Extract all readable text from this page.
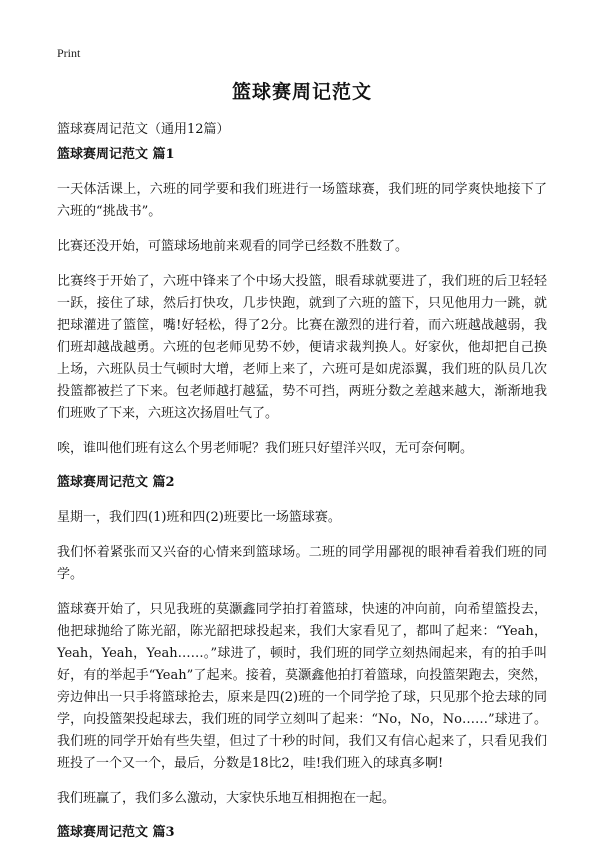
Print
篮球赛周记范文
篮球赛周记范文（通用12篇）
篮球赛周记范文 篇1

一天体活课上，六班的同学要和我们班进行一场篮球赛，我们班的同学爽快地接下了六班的“挑战书”。

比赛还没开始，可篮球场地前来观看的同学已经数不胜数了。

比赛终于开始了，六班中锋来了个中场大投篮，眼看球就要进了，我们班的后卫轻轻一跃，接住了球，然后打快攻，几步快跑，就到了六班的篮下，只见他用力一跳，就把球灌进了篮筐，嘴!好轻松，得了2分。比赛在激烈的进行着，而六班越战越弱，我们班却越战越勇。六班的包老师见势不妙，便请求裁判换人。好家伙，他却把自己换上场，六班队员士气顿时大增，老师上来了，六班可是如虎添翼，我们班的队员几次投篮都被拦了下来。包老师越打越猛，势不可挡，两班分数之差越来越大，渐渐地我们班败了下来，六班这次扬眉吐气了。

唉，谁叫他们班有这么个男老师呢？我们班只好望洋兴叹，无可奈何啊。

篮球赛周记范文 篇2

星期一，我们四(1)班和四(2)班要比一场篮球赛。

我们怀着紧张而又兴奋的心情来到篮球场。二班的同学用鄙视的眼神看着我们班的同学。

篮球赛开始了，只见我班的莫灏鑫同学拍打着篮球，快速的冲向前，向希望篮投去，他把球抛给了陈光韶，陈光韶把球投起来，我们大家看见了，都叫了起来：“Yeah，Yeah，Yeah，Yeah……。”球进了，顿时，我们班的同学立刻热闹起来，有的拍手叫好，有的举起手“Yeah”了起来。接着，莫灏鑫他拍打着篮球，向投篮架跑去，突然，旁边伸出一只手将篮球抢去，原来是四(2)班的一个同学抢了球，只见那个抢去球的同学，向投篮架投起球去，我们班的同学立刻叫了起来：“No，No，No……”球进了。我们班的同学开始有些失望，但过了十秒的时间，我们又有信心起来了，只看见我们班投了一个又一个，最后，分数是18比2，哇!我们班入的球真多啊!

我们班赢了，我们多么激动，大家快乐地互相拥抱在一起。

篮球赛周记范文 篇3
